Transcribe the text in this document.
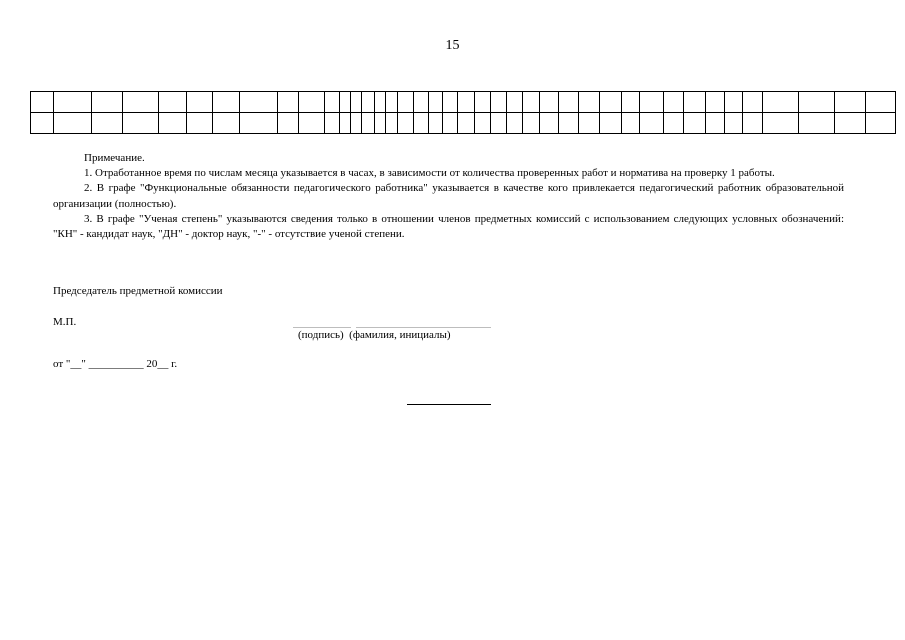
15

Примечание.

1. Отработанное время по числам месяца указывается в часах, в зависимости от количества проверенных работ и норматива на проверку 1 работы.

2. В графе "Функциональные обязанности педагогического работника" указывается в качестве кого привлекается педагогический работник образовательной организации (полностью).

3. В графе "Ученая степень" указываются сведения только в отношении членов предметных комиссий с использованием следующих условных обозначений: "КН" - кандидат наук, "ДН" - доктор наук, "-" - отсутствие ученой степени.

Председатель предметной комиссии
М.П.
(подпись)  (фамилия, инициалы)
от "__" __________ 20__ г.
